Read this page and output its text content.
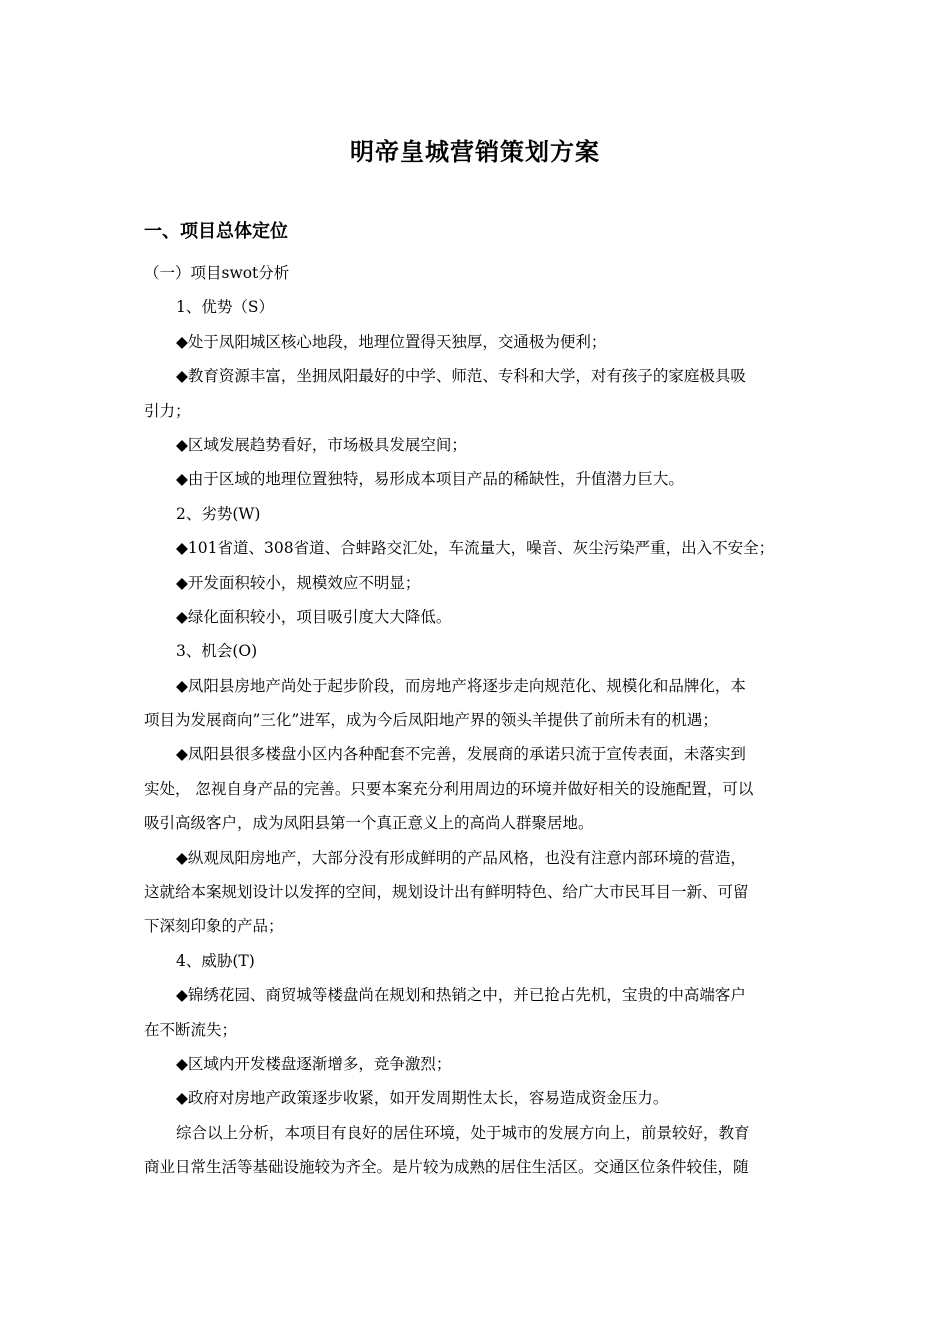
明帝皇城营销策划方案
一、项目总体定位
（一）项目swot分析
1、优势（S）
◆处于凤阳城区核心地段，地理位置得天独厚，交通极为便利；
◆教育资源丰富，坐拥凤阳最好的中学、师范、专科和大学，对有孩子的家庭极具吸
引力；
◆区域发展趋势看好，市场极具发展空间；
◆由于区域的地理位置独特，易形成本项目产品的稀缺性，升值潜力巨大。
2、劣势(W)
◆101省道、308省道、合蚌路交汇处，车流量大，噪音、灰尘污染严重，出入不安全；
◆开发面积较小，规模效应不明显；
◆绿化面积较小，项目吸引度大大降低。
3、机会(O)
◆凤阳县房地产尚处于起步阶段，而房地产将逐步走向规范化、规模化和品牌化，本
项目为发展商向”三化”进军，成为今后凤阳地产界的领头羊提供了前所未有的机遇；
◆凤阳县很多楼盘小区内各种配套不完善，发展商的承诺只流于宣传表面，未落实到
实处， 忽视自身产品的完善。只要本案充分利用周边的环境并做好相关的设施配置，可以
吸引高级客户，成为凤阳县第一个真正意义上的高尚人群聚居地。
◆纵观凤阳房地产，大部分没有形成鲜明的产品风格，也没有注意内部环境的营造，
这就给本案规划设计以发挥的空间，规划设计出有鲜明特色、给广大市民耳目一新、可留
下深刻印象的产品；
4、威胁(T)
◆锦绣花园、商贸城等楼盘尚在规划和热销之中，并已抢占先机，宝贵的中高端客户
在不断流失；
◆区域内开发楼盘逐渐增多，竞争激烈；
◆政府对房地产政策逐步收紧，如开发周期性太长，容易造成资金压力。
综合以上分析，本项目有良好的居住环境，处于城市的发展方向上，前景较好，教育
商业日常生活等基础设施较为齐全。是片较为成熟的居住生活区。交通区位条件较佳，随
